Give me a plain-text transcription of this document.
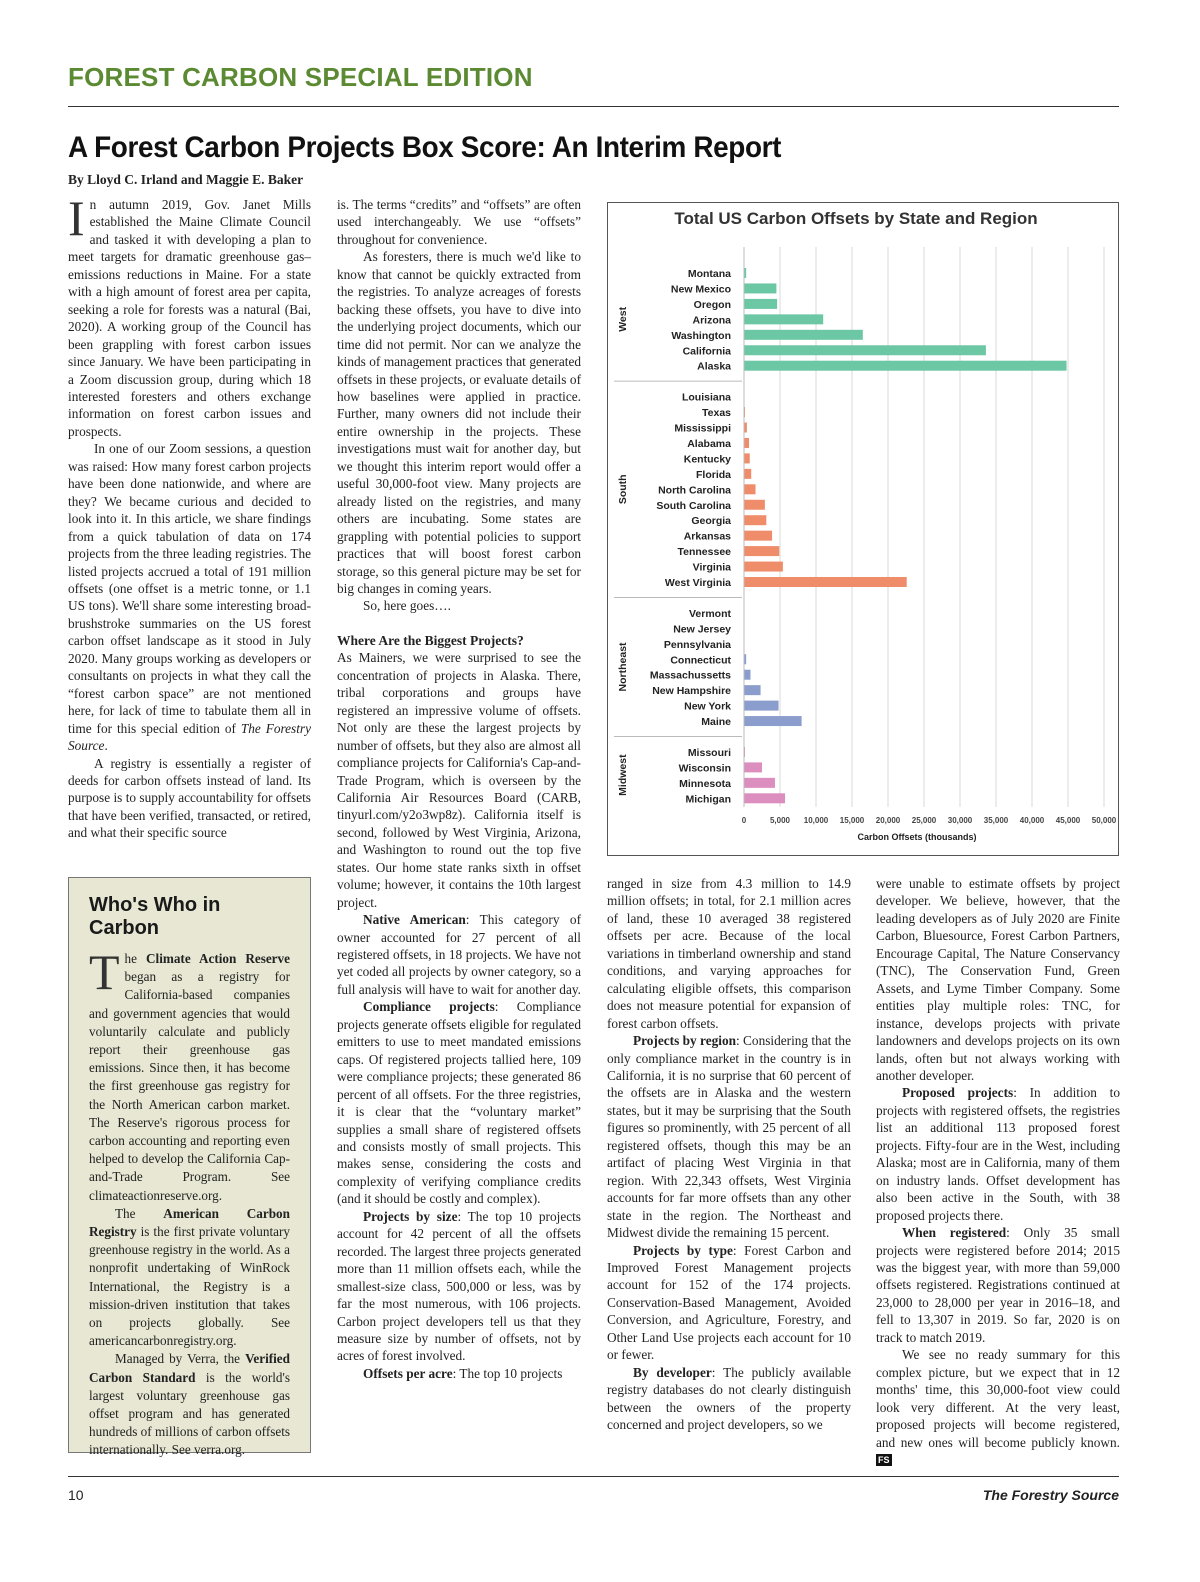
FOREST CARBON SPECIAL EDITION
A Forest Carbon Projects Box Score: An Interim Report
By Lloyd C. Irland and Maggie E. Baker

In autumn 2019, Gov. Janet Mills established the Maine Climate Council and tasked it with developing a plan to meet targets for dramatic greenhouse gas–emissions reductions in Maine. For a state with a high amount of forest area per capita, seeking a role for forests was a natural (Bai, 2020). A working group of the Council has been grappling with forest carbon issues since January. We have been participating in a Zoom discussion group, during which 18 interested foresters and others exchange information on forest carbon issues and prospects.

In one of our Zoom sessions, a question was raised: How many forest carbon projects have been done nationwide, and where are they? We became curious and decided to look into it. In this article, we share findings from a quick tabulation of data on 174 projects from the three leading registries. The listed projects accrued a total of 191 million offsets (one offset is a metric tonne, or 1.1 US tons). We'll share some interesting broad-brushstroke summaries on the US forest carbon offset landscape as it stood in July 2020. Many groups working as developers or consultants on projects in what they call the “forest carbon space” are not mentioned here, for lack of time to tabulate them all in time for this special edition of The Forestry Source.

A registry is essentially a register of deeds for carbon offsets instead of land. Its purpose is to supply accountability for offsets that have been verified, transacted, or retired, and what their specific source

Who's Who in Carbon

The Climate Action Reserve began as a registry for California-based companies and government agencies that would voluntarily calculate and publicly report their greenhouse gas emissions. Since then, it has become the first greenhouse gas registry for the North American carbon market. The Reserve's rigorous process for carbon accounting and reporting even helped to develop the California Cap-and-Trade Program. See climateactionreserve.org.

The American Carbon Registry is the first private voluntary greenhouse registry in the world. As a nonprofit undertaking of WinRock International, the Registry is a mission-driven institution that takes on projects globally. See americancarbonregistry.org.

Managed by Verra, the Verified Carbon Standard is the world's largest voluntary greenhouse gas offset program and has generated hundreds of millions of carbon offsets internationally. See verra.org.

is. The terms “credits” and “offsets” are often used interchangeably. We use “offsets” throughout for convenience.

As foresters, there is much we'd like to know that cannot be quickly extracted from the registries. To analyze acreages of forests backing these offsets, you have to dive into the underlying project documents, which our time did not permit. Nor can we analyze the kinds of management practices that generated offsets in these projects, or evaluate details of how baselines were applied in practice. Further, many owners did not include their entire ownership in the projects. These investigations must wait for another day, but we thought this interim report would offer a useful 30,000-foot view. Many projects are already listed on the registries, and many others are incubating. Some states are grappling with potential policies to support practices that will boost forest carbon storage, so this general picture may be set for big changes in coming years.

So, here goes….

Where Are the Biggest Projects?

As Mainers, we were surprised to see the concentration of projects in Alaska. There, tribal corporations and groups have registered an impressive volume of offsets. Not only are these the largest projects by number of offsets, but they also are almost all compliance projects for California's Cap-and-Trade Program, which is overseen by the California Air Resources Board (CARB, tinyurl.com/y2o3wp8z). California itself is second, followed by West Virginia, Arizona, and Washington to round out the top five states. Our home state ranks sixth in offset volume; however, it contains the 10th largest project.

Native American: This category of owner accounted for 27 percent of all registered offsets, in 18 projects. We have not yet coded all projects by owner category, so a full analysis will have to wait for another day.

Compliance projects: Compliance projects generate offsets eligible for regulated emitters to use to meet mandated emissions caps. Of registered projects tallied here, 109 were compliance projects; these generated 86 percent of all offsets. For the three registries, it is clear that the “voluntary market” supplies a small share of registered offsets and consists mostly of small projects. This makes sense, considering the costs and complexity of verifying compliance credits (and it should be costly and complex).

Projects by size: The top 10 projects account for 42 percent of all the offsets recorded. The largest three projects generated more than 11 million offsets each, while the smallest-size class, 500,000 or less, was by far the most numerous, with 106 projects. Carbon project developers tell us that they measure size by number of offsets, not by acres of forest involved.

Offsets per acre: The top 10 projects

Total US Carbon Offsets by State and Region
Carbon Offsets (thousands)
0	5,000 10,000 15,000 20,000 25,000 30,000 35,000 40,000 45,000 50,000
Montana
New Mexico
Oregon
Arizona
Washington
California
Alaska
West
Louisiana
Texas
Mississippi
Alabama
Kentucky
Florida
North Carolina
South Carolina
Georgia
Arkansas
Tennessee
Virginia
West Virginia
South
Vermont
New Jersey
Pennsylvania
Connecticut
Massachussetts
New Hampshire
New York
Maine
Northeast
Missouri
Wisconsin
Minnesota
Michigan
Midwest

ranged in size from 4.3 million to 14.9 million offsets; in total, for 2.1 million acres of land, these 10 averaged 38 registered offsets per acre. Because of the local variations in timberland ownership and stand conditions, and varying approaches for calculating eligible offsets, this comparison does not measure potential for expansion of forest carbon offsets.

Projects by region: Considering that the only compliance market in the country is in California, it is no surprise that 60 percent of the offsets are in Alaska and the western states, but it may be surprising that the South figures so prominently, with 25 percent of all registered offsets, though this may be an artifact of placing West Virginia in that region. With 22,343 offsets, West Virginia accounts for far more offsets than any other state in the region. The Northeast and Midwest divide the remaining 15 percent.

Projects by type: Forest Carbon and Improved Forest Management projects account for 152 of the 174 projects. Conservation-Based Management, Avoided Conversion, and Agriculture, Forestry, and Other Land Use projects each account for 10 or fewer.

By developer: The publicly available registry databases do not clearly distinguish between the owners of the property concerned and project developers, so we

were unable to estimate offsets by project developer. We believe, however, that the leading developers as of July 2020 are Finite Carbon, Bluesource, Forest Carbon Partners, Encourage Capital, The Nature Conservancy (TNC), The Conservation Fund, Green Assets, and Lyme Timber Company. Some entities play multiple roles: TNC, for instance, develops projects with private landowners and develops projects on its own lands, often but not always working with another developer.

Proposed projects: In addition to projects with registered offsets, the registries list an additional 113 proposed forest projects. Fifty-four are in the West, including Alaska; most are in California, many of them on industry lands. Offset development has also been active in the South, with 38 proposed projects there.

When registered: Only 35 small projects were registered before 2014; 2015 was the biggest year, with more than 59,000 offsets registered. Registrations continued at 23,000 to 28,000 per year in 2016–18, and fell to 13,307 in 2019. So far, 2020 is on track to match 2019.

We see no ready summary for this complex picture, but we expect that in 12 months' time, this 30,000-foot view could look very different. At the very least, proposed projects will become registered, and new ones will become publicly known. FS

10	The Forestry Source
